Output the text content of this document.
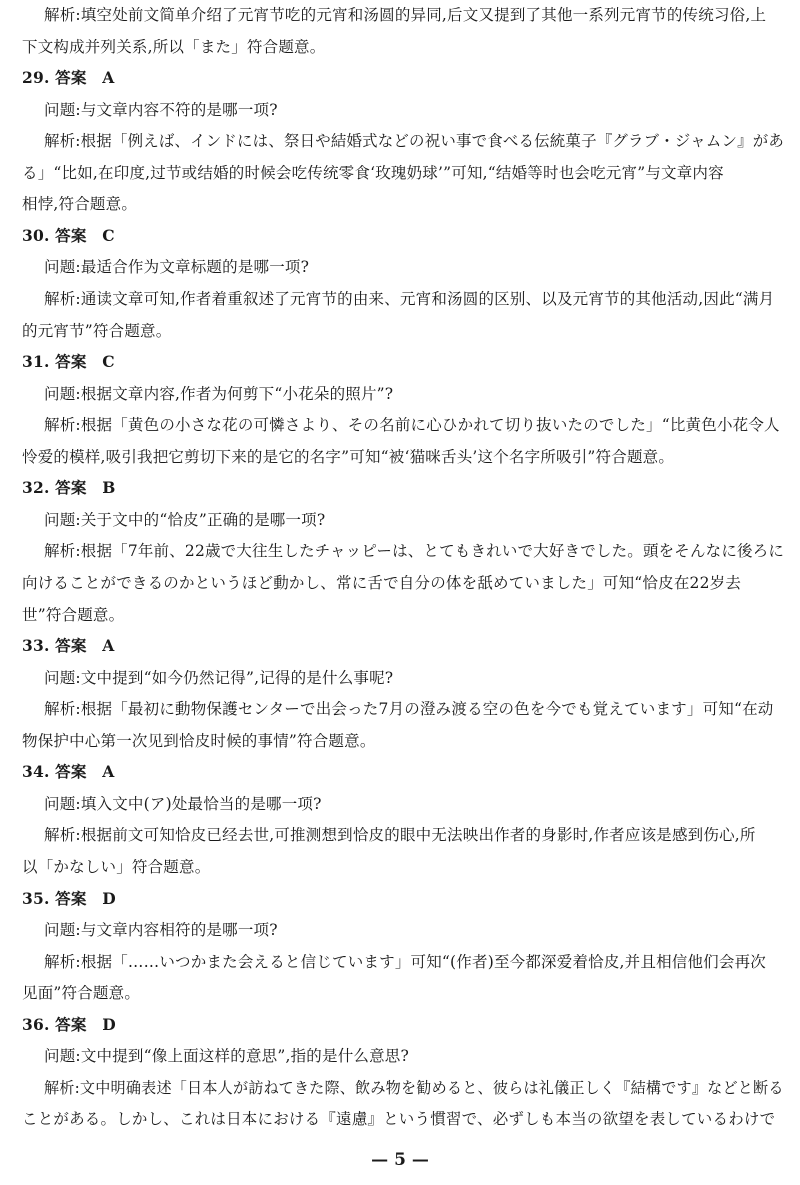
解析:填空处前文简单介绍了元宵节吃的元宵和汤圆的异同,后文又提到了其他一系列元宵节的传统习俗,上
下文构成并列关系,所以「また」符合题意。
29. 答案　A
问题:与文章内容不符的是哪一项?
解析:根据「例えば、インドには、祭日や結婚式などの祝い事で食べる伝統菓子『グラブ・ジャムン』があ
る」“比如,在印度,过节或结婚的时候会吃传统零食‘玫瑰奶球’”可知,“结婚等时也会吃元宵”与文章内容
相悖,符合题意。
30. 答案　C
问题:最适合作为文章标题的是哪一项?
解析:通读文章可知,作者着重叙述了元宵节的由来、元宵和汤圆的区别、以及元宵节的其他活动,因此“满月
的元宵节”符合题意。
31. 答案　C
问题:根据文章内容,作者为何剪下“小花朵的照片”?
解析:根据「黄色の小さな花の可憐さより、その名前に心ひかれて切り抜いたのでした」“比黄色小花令人
怜爱的模样,吸引我把它剪切下来的是它的名字”可知“被‘猫咪舌头’这个名字所吸引”符合题意。
32. 答案　B
问题:关于文中的“恰皮”正确的是哪一项?
解析:根据「7年前、22歳で大往生したチャッピーは、とてもきれいで大好きでした。頭をそんなに後ろに
向けることができるのかというほど動かし、常に舌で自分の体を舐めていました」可知“恰皮在22岁去
世”符合题意。
33. 答案　A
问题:文中提到“如今仍然记得”,记得的是什么事呢?
解析:根据「最初に動物保護センターで出会った7月の澄み渡る空の色を今でも覚えています」可知“在动
物保护中心第一次见到恰皮时候的事情”符合题意。
34. 答案　A
问题:填入文中(ア)处最恰当的是哪一项?
解析:根据前文可知恰皮已经去世,可推测想到恰皮的眼中无法映出作者的身影时,作者应该是感到伤心,所
以「かなしい」符合题意。
35. 答案　D
问题:与文章内容相符的是哪一项?
解析:根据「……いつかまた会えると信じています」可知“(作者)至今都深爱着恰皮,并且相信他们会再次
见面”符合题意。
36. 答案　D
问题:文中提到“像上面这样的意思”,指的是什么意思?
解析:文中明确表述「日本人が訪ねてきた際、飲み物を勧めると、彼らは礼儀正しく『結構です』などと断る
ことがある。しかし、これは日本における『遠慮』という慣習で、必ずしも本当の欲望を表しているわけで
— 5 —
